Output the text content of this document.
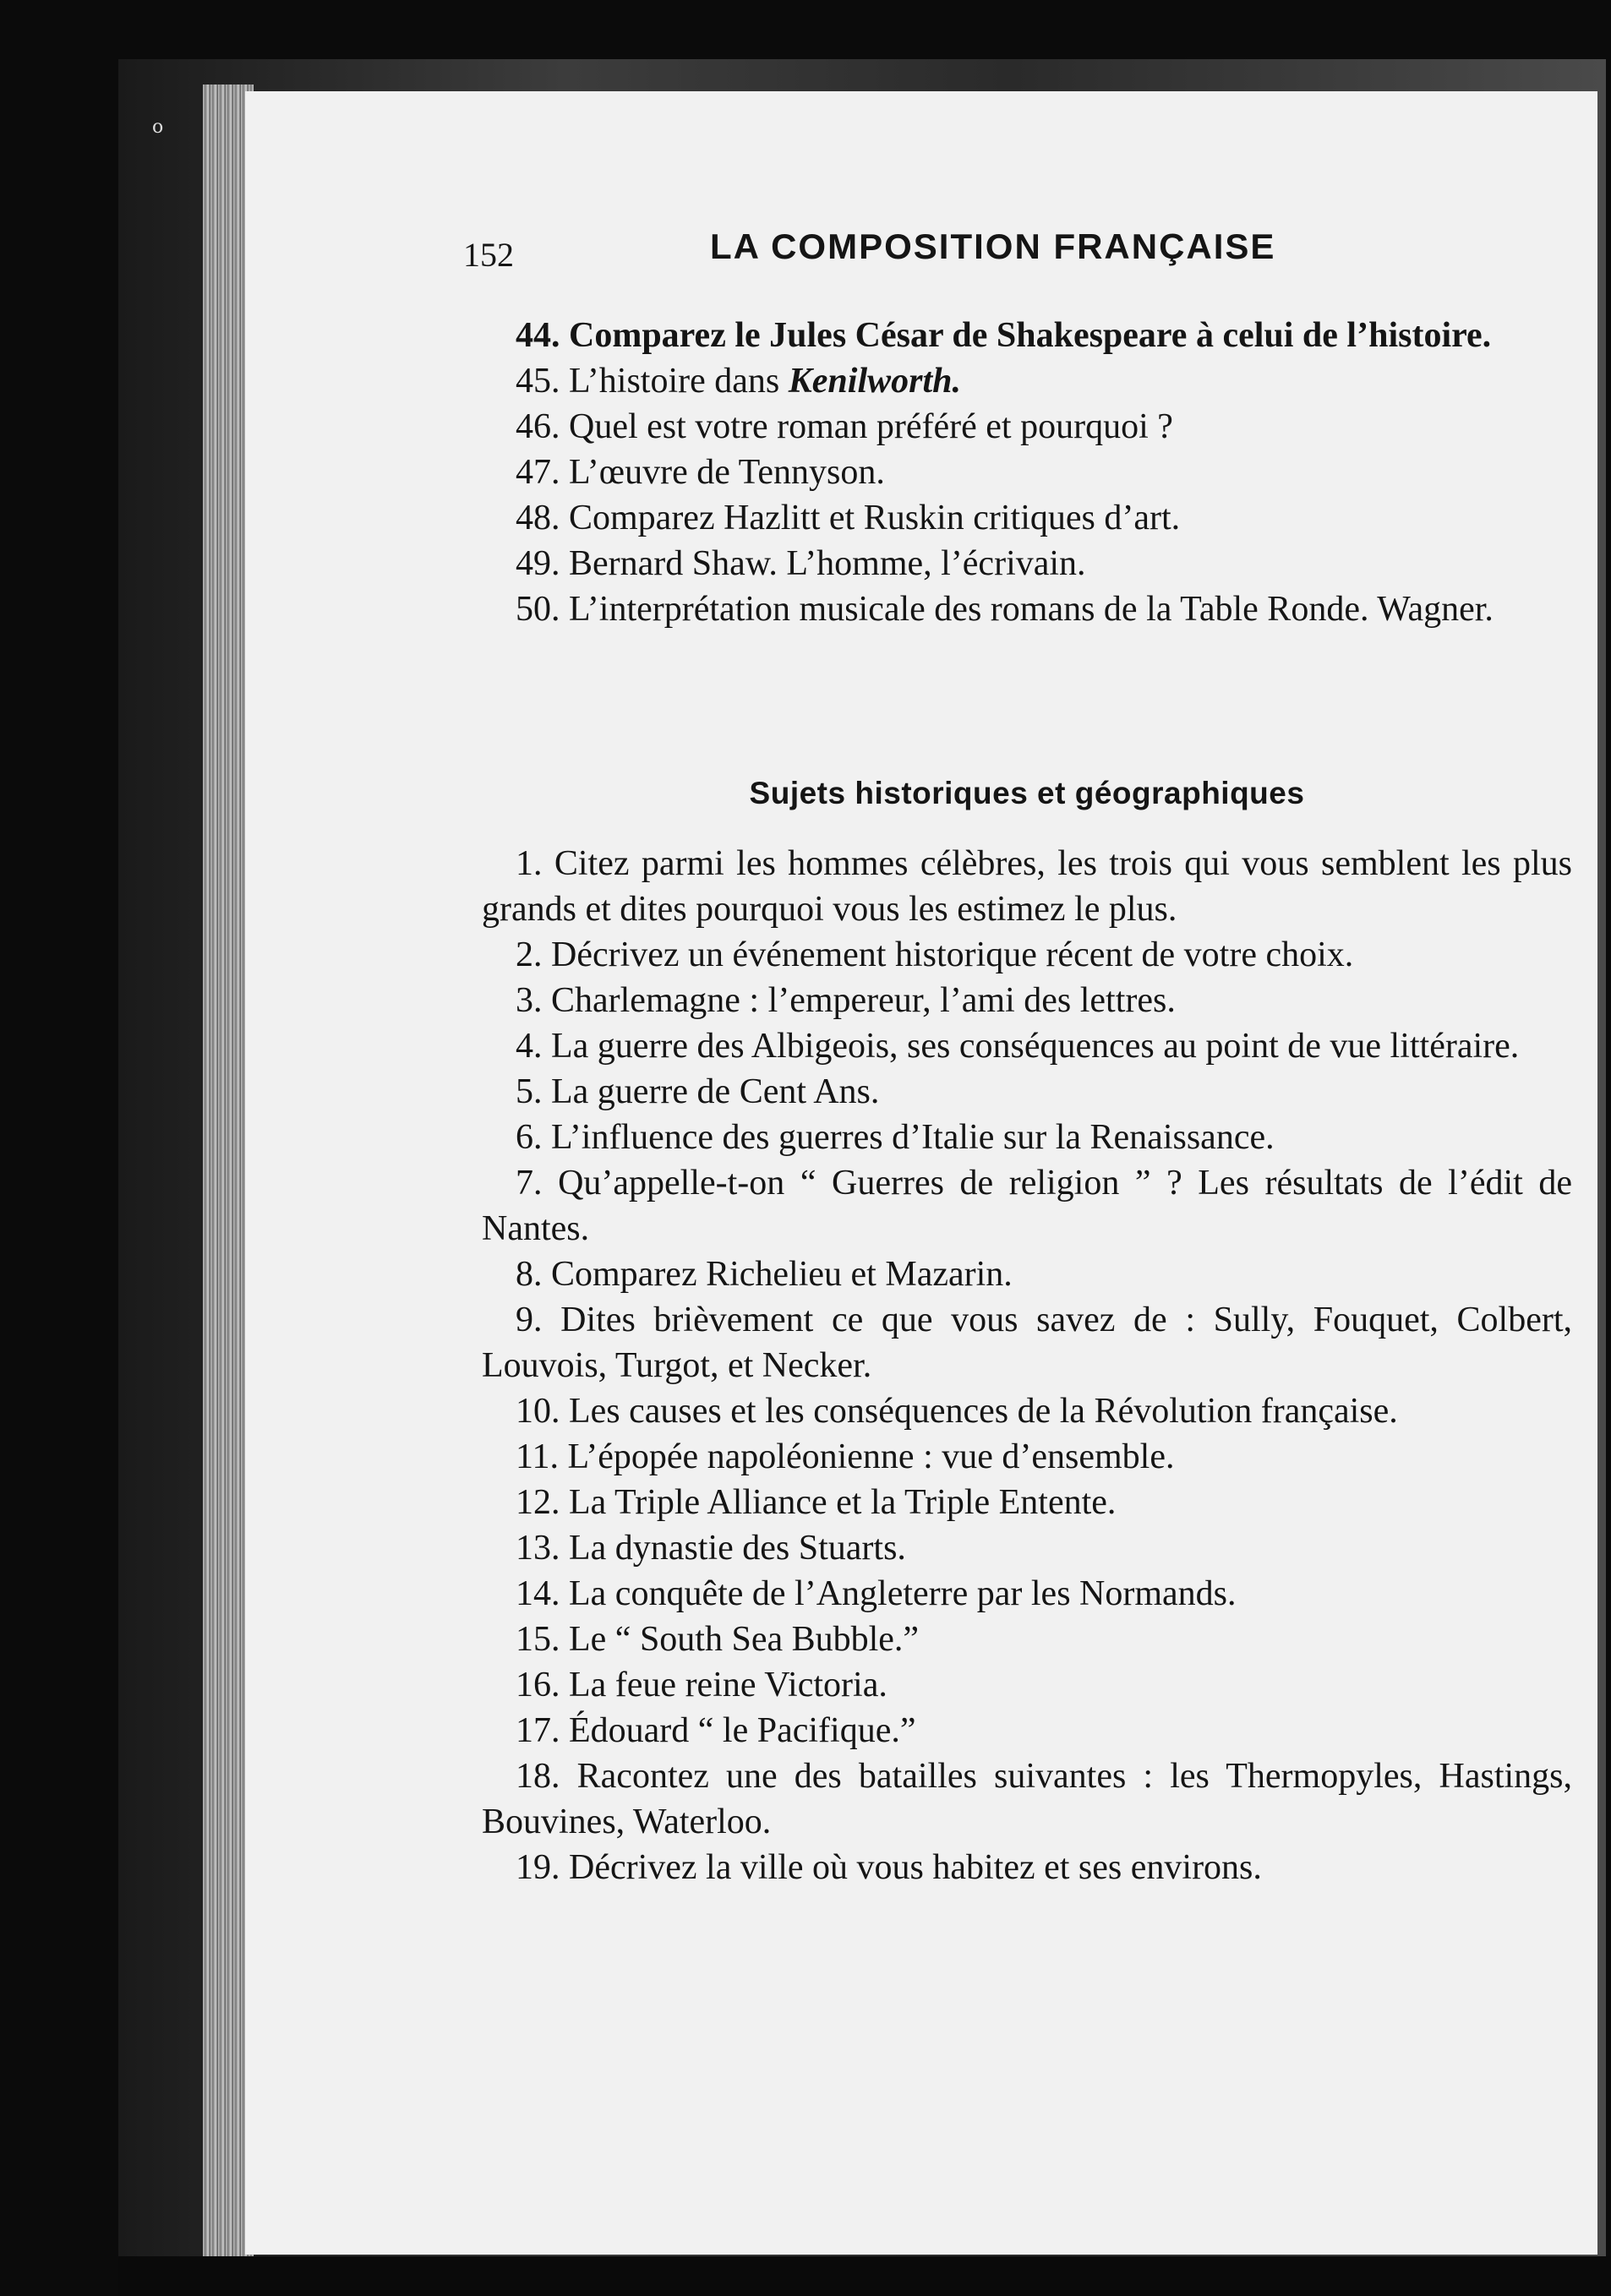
o
152	LA COMPOSITION FRANÇAISE

44. Comparez le Jules César de Shakespeare à celui de l’histoire.

45. L’histoire dans Kenilworth.

46. Quel est votre roman préféré et pourquoi ?

47. L’œuvre de Tennyson.

48. Comparez Hazlitt et Ruskin critiques d’art.

49. Bernard Shaw. L’homme, l’écrivain.

50. L’interprétation musicale des romans de la Table Ronde. Wagner.

Sujets historiques et géographiques

1. Citez parmi les hommes célèbres, les trois qui vous semblent les plus grands et dites pourquoi vous les estimez le plus.

2. Décrivez un événement historique récent de votre choix.

3. Charlemagne : l’empereur, l’ami des lettres.

4. La guerre des Albigeois, ses conséquences au point de vue littéraire.

5. La guerre de Cent Ans.

6. L’influence des guerres d’Italie sur la Renaissance.

7. Qu’appelle-t-on “ Guerres de religion ” ? Les résultats de l’édit de Nantes.

8. Comparez Richelieu et Mazarin.

9. Dites brièvement ce que vous savez de : Sully, Fouquet, Colbert, Louvois, Turgot, et Necker.

10. Les causes et les conséquences de la Révolution française.

11. L’épopée napoléonienne : vue d’ensemble.

12. La Triple Alliance et la Triple Entente.

13. La dynastie des Stuarts.

14. La conquête de l’Angleterre par les Normands.

15. Le “ South Sea Bubble.”

16. La feue reine Victoria.

17. Édouard “ le Pacifique.”

18. Racontez une des batailles suivantes : les Thermopyles, Hastings, Bouvines, Waterloo.

19. Décrivez la ville où vous habitez et ses environs.
